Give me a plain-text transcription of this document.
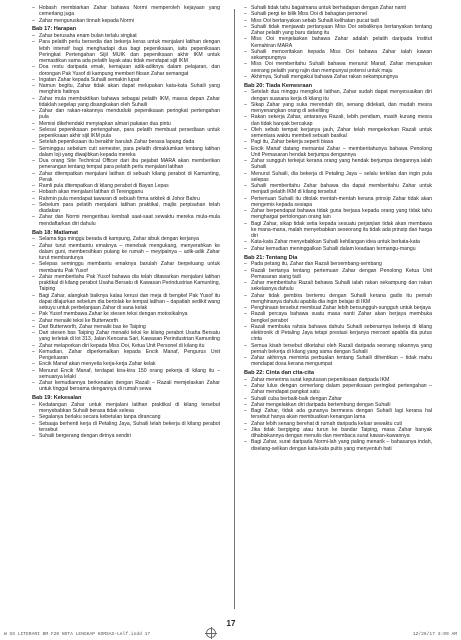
– Hobash membiarkan Zahar bahawa Normi memperoleh kejayaan yang cemerlang juga

– Zahar menguruskan tinnah kepada Normi

Bab 17: Harapan

– Zahar berusaha enam bulan terlalu singkat

– Para pelatih perlu bersedia dan bekerja keras untuk menjalani latihan dengan lebih intensif bagi menghadapi dua bagi pepeniksaan, iaitu pepeniksaan Peringkat Pertengahan Sijil MUIK dan pepeniksaan akhir IKM untuk memastikan sama ada pelatih layak atau tidak mendapat sijil IKM

– Doa restu daripada emak, kemajuan adik-adiknya dalam pelajaran, dan dorongan Pak Yusof di kampung memberi fiksan Zahar semangat

– Ingatan Zahar kepada Suhaili semakin lupat

– Namun begitu, Zahar tidak akan dapat melupakan kata-kata Suhaili yang menghiris hatinya

– Zahar mula membuktikan bahawa sebagai pelatih IKM, massa depan Zahar tidaklah segelap yang disangkakan oleh Suhaili

– Zahar dan rakan-rakannya menduduki pepeniksaan peringkat pertengahan pula

– Memisi dikehendaki menyiapkan almari pakaian dua pintu

– Selesai pepeniksaan pertengahan, para pelatih membuat persediaan untuk pepeniksaan akhir sijil IKM pula

– Setelah pepeniksaan itu berakhir barulah Zahar berasa lapang dada

– Semingguu sebelum cuti semester, para pelatih dimaklumkan tentang latihan dalam loji yang diwajibkan kepada mereka

– Dua orang Site Technical Officer dari ibu pejabat MARA akan memberikan penerangan tentang tempat para pelatih perlu menjalani latihan

– Zahar ditempatkan menjalani latihan di sebuah kilang perabot di Kamunting, Perak

– Ramli pula ditempatkan di kilang perabot di Bayan Lepas

– Hobash akan menjalani latihan di Terengganu

– Rahmin pula mendapat tawaran di sebuah firma arkitek di Johor Bahru

– Sebelum para pelatih menjalani latihan praktikal, majlis perpisahan telah diadakan

– Zahar dan Normi mengeribau kembali saat-saat sewaktu mereka mula-mula mendaftarkan diri dahulu

Bab 18: Matlamat

– Selama tiga minggu berada di kampung, Zahar sibuk dengan kerjanya

– Zahar turut membantu emaknya – menebak mengukang, menyerahkan ke dalam guni, membersihkan pulang ke rumah – meyipalnya – adik-adik Zahar turut membantunya

– Selepas seminggu membantu emaknya barulah Zahar berpeluang untuk membantu Pak Yusof

– Zahar memberitahu Pak Yusof bahawa dia telah ditawarkan menjalani latihan praktikal di kilang perabot Usaha Bersatu di Kawasan Perindustrian Kamunting, Taiping

– Bagi Zahar, alangkah baiknya kalau kerusi dan meja di bengkel Pak Yusof itu dapat dilajurkan sebelum dia bertolak ke tempat latihan – dapatlah sedikit wang sebuyu untuk perbelanjaan Zahar di sana kelak

– Pak Yusof membawa Zahar ke stesen teksi dengan motosikalnya

– Zahar menaiki teksi ke Butterworth

– Dari Butterworth, Zahar menaiki bas ke Taiping

– Dari stesen bas Taiping Zahar menaiki teksi ke kilang perabot Usaha Bersatu yang terletak di lot 313, Jalan Kencana Sari, Kawasan Perindustrian Kamunting

– Zahar melaporkan diri kepada Miss Ooi, Ketua Unit Personel di kilang itu

– Kemudian, Zahar diperkenalkan kepada Encik Manaf, Pengurus Unit Pengeluaran

– Encik Manaf akan menyelia kerja-kerja Zahar kelak

– Menurut Encik Manaf, terdapat kira-kira 150 orang pekerja di kilang itu – semuanya lelaki

– Zahar kemudiannya berkenalan dengan Razali – Razali memjelaskan Zahar untuk tinggal bersama dengannya di rumah sewa

Bab 19: Kekesalan

– Kedatangan Zahar untuk menjalani latihan praktikal di kilang tersebut menyebabkan Suhaili berasa tidak selesa

– Segalanya berlaku secara kebetulan tanpa dirancang

– Sebaaja berhenti kerja di Petaling Jaya, Suhaili telah bekerja di kilang perabot tersebut

– Suhaili bergerang dengan dirinya sendiri

– Suhaili tidak tahu bagaimana untuk berhadapan dengan Zahar nanti

– Suhaili pergi ke bilik Miss Ooi di bahagian personel

– Miss Ooi bertanyakan sebab Suhaili kelihatan pucat tadi

– Suhaili tidak menjawab pertanyaan Miss Ooi sebaliknya bertanyakan tentang Zahar pelatih yang baru datang itu

– Miss Ooi menjelaskan bahawa Zahar adalah pelatih daripada Institut Kemahiran MARA

– Suhaili menceritakan kepada Miss Ooi bahawa Zahar ialah kawan sekampungnya

– Miss Ooi memberitahu Suhaili bahawa menurut Manaf, Zahar merupakan seorang pelatih yang rajin dan mempunyai potensi untuk maju

– Akhirnya, Suhaili mengakui bahawa Zahar rakan sekampungnya

Bab 20: Tiada Kemesraan

– Setelah dua minggu mengikuti latihan, Zahar sudah dapat menyesuaikan diri dengan suasana kerja di kilang itu

– Sikap Zahar yang suka merendah diri, senang didekati, dan mudah mesra menyenangkan orang di sekeliling

– Rakan sekerja Zahar, antaranya Razali, lebih pendiam, masih kurang mesra dan tidak banyak bercakap

– Oleh sebab tempat kerjanya jauh, Zahar telah mengekorkan Razali untuk sementara waktu membeli sebuah basikal

– Pagi itu, Zahar bekerja seperti biasa

– Encik Manaf datang memaniai Zahar – memberitahunya bahawa Penolong Unit Pemasaran hendak berjumpa dengannya

– Zahar sungguh terkejut kerana orang yang hendak berjumpa dengannya ialah Suhaili

– Menurut Suhaili, dia bekerja di Petaling Jaya – selalu terkilan dan ingin pula selepas

– Suhaili memberitahu Zahar bahawa dia dapat memberitahu Zahar untuk menjadi pelatih IKM di kilang tersebut

– Pertemuan Suhaili itu ditolak mentah-mentah kerana prinsip Zahar tidak akan mengemis kepada sesiapa

– Zahar berpendapat bahawa tidak guna berjasa kepada orang yang tidak tahu menghargai pertolongan orang lain

– Bagi Zahar, sikap tidak setia kepada sesuatu perjanjian tidak akan membawa ke mana-mana, malah menyebabkan seseorang itu tidak ada prinsip dan harga diri

– Kata-kata Zahar menyebabkan Suhaili kehilangan idea untuk berkata-kata

– Zahar kemudian meninggalkan Suhaili dalam keadaan termangu-mangu

Bab 21: Tentang Dia

– Pada petang itu, Zahar dan Razali bersembang-sembang

– Razali bertanya tentang pertemuan Zahar dengan Penolong Ketua Unit Pemasaran siang tadi

– Zahar memberitahu Razali bahawa Suhaili ialah rakan sekampung dan rakan sekelasnya dahulu

– Zahar tidak gembira bertemu dengan Suhaili kerana gadis itu pernah menghinanya dahulu apabila dia ingin belajar di IKM

– Penghinaan tersebut membuat Zahar lebih bersungguh-sungguh untuk berjaya

– Razali percaya bahawa suatu masa nanti Zahar akan berjaya membuka bengkel perabot

– Razali membuka rahsia bahawa dahulu Suhaili sebenarnya bekerja di kilang elektronik di Petaling Jaya tetapi prestasi kerjanya merosot apabila dia putus cinta

– Semua kisah tersebut diketahui oleh Razali daripada seorang rakannya yang pernah bekerja di kilang yang sama dengan Suhaili

– Zahar akhirnya meminta perbualan tentang Suhaili dihentikan – tidak mahu mendapat dosa kerana mengumpat

Bab 22: Cinta dan cita-cita

– Zahar menerima surat keputusan pepeniksaan daripada IKM

– Zahar lulus dengan cemerlang dalam pepeniksaan peringkat pertengahan – Zahar mendapat pangkat satu

– Suhaili cuba berbaik-baik dengan Zahar

– Zahar mengelakkan diri daripada bertembung dengan Suhaili

– Bagi Zahar, tidak ada gunanya bermesra dengan Suhaili lagi kerana hal tersebut hanya akan membuatkan kenangan lama

– Zahar lebih senang berehat di rumah daripada keluar sewaktu cuti

– Jika tidak bergiging atau turun ke bandar Taiping, masa Zahar banyak dihabiskannya dengan menulis dan membaca surat kawan-kawannya

– Bagi Zahar, surat daripada Normi-lah yang paling menarik – bahasanya indah, diselang-selikan dengan kata-kata puitis yang menyentuh hati

17
W SS LITERARI BM F20 NOTA LENGKAP KOMSAS-Lelf.indd 17	12/26/17 3:09 AM
